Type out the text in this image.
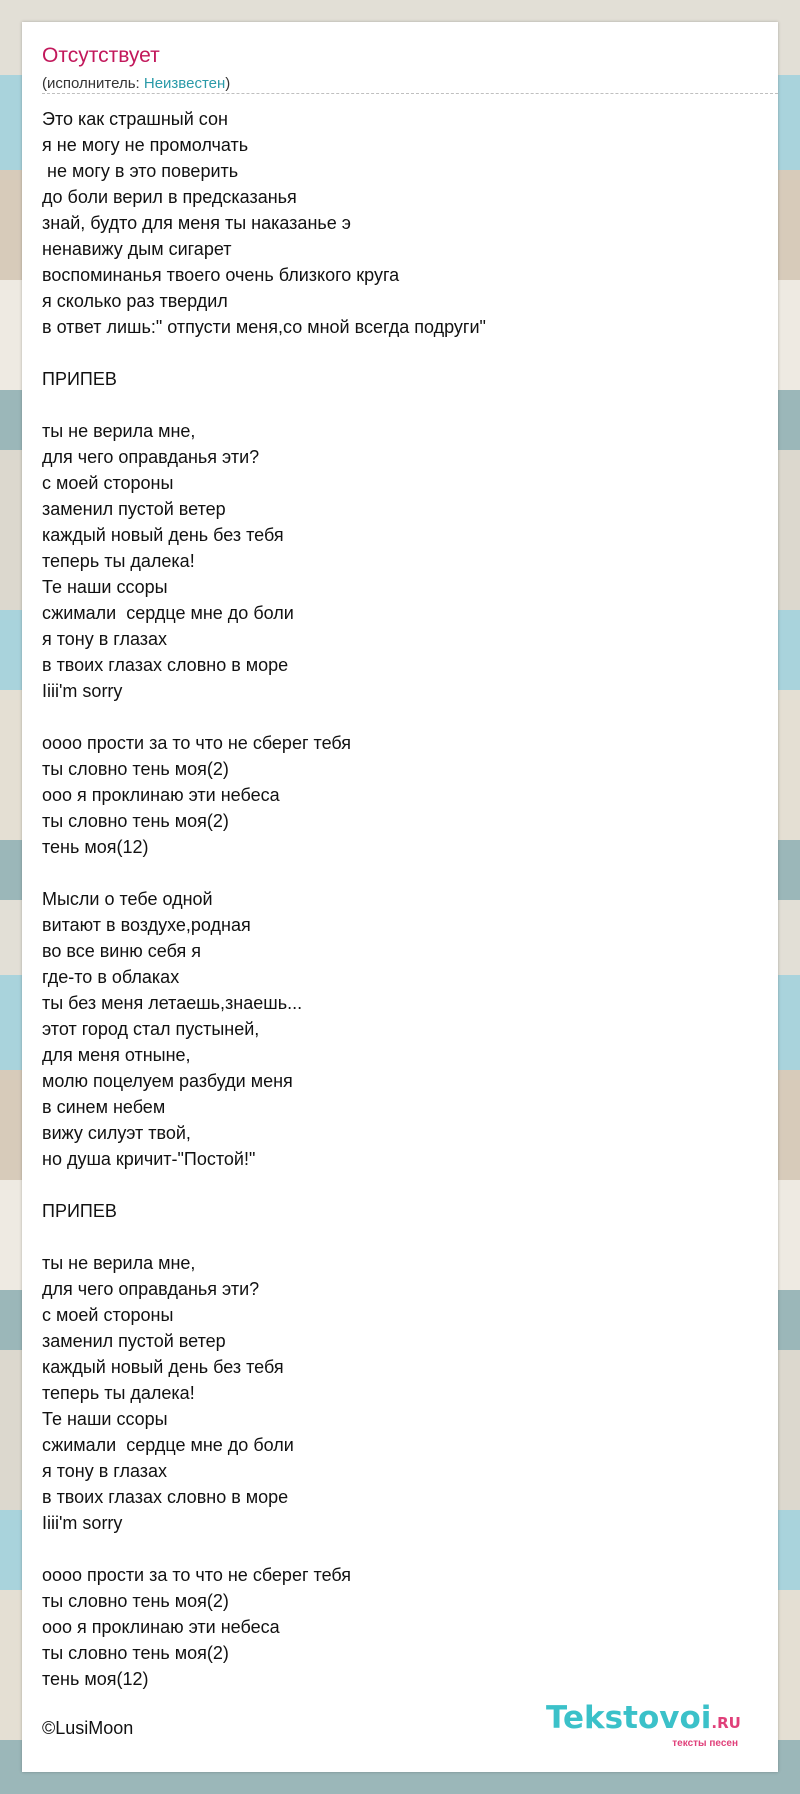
Отсутствует
(исполнитель: Неизвестен)
Это как страшный сон
я не могу не промолчать
не могу в это поверить
до боли верил в предсказанья
знай, будто для меня ты наказанье э
ненавижу дым сигарет
воспоминанья твоего очень близкого круга
я сколько раз твердил
в ответ лишь:" отпусти меня,со мной всегда подруги"

ПРИПЕВ

ты не верила мне,
для чего оправданья эти?
с моей стороны
заменил пустой ветер
каждый новый день без тебя
теперь ты далека!
Те наши ссоры
сжимали  сердце мне до боли
я тону в глазах
в твоих глазах словно в море
Iiii'm sorry

oooo прости за то что не сберег тебя
ты словно тень моя(2)
ooo я проклинаю эти небеса
ты словно тень моя(2)
тень моя(12)

Мысли о тебе одной
витают в воздухе,родная
во все виню себя я
где-то в облаках
ты без меня летаешь,знаешь...
этот город стал пустыней,
для меня отныне,
молю поцелуем разбуди меня
в синем небем
вижу силуэт твой,
но душа кричит-"Постой!"

ПРИПЕВ

ты не верила мне,
для чего оправданья эти?
с моей стороны
заменил пустой ветер
каждый новый день без тебя
теперь ты далека!
Те наши ссоры
сжимали  сердце мне до боли
я тону в глазах
в твоих глазах словно в море
Iiii'm sorry

oooo прости за то что не сберег тебя
ты словно тень моя(2)
ooo я проклинаю эти небеса
ты словно тень моя(2)
тень моя(12)
©LusiMoon	Tekstovoi.RU
тексты песен
